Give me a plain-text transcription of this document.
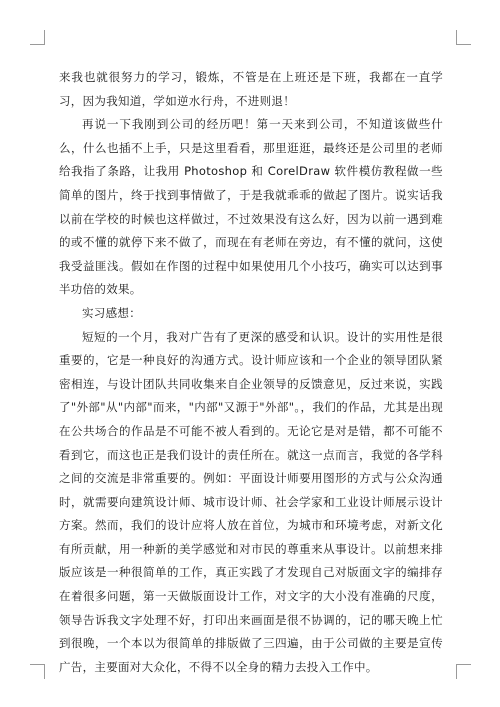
来我也就很努力的学习，锻炼，不管是在上班还是下班，我都在一直学习，因为我知道，学如逆水行舟，不进则退！

再说一下我刚到公司的经历吧！第一天来到公司，不知道该做些什么，什么也插不上手，只是这里看看，那里逛逛，最终还是公司里的老师给我指了条路，让我用 Photoshop 和 CorelDraw 软件模仿教程做一些简单的图片，终于找到事情做了，于是我就乖乖的做起了图片。说实话我以前在学校的时候也这样做过，不过效果没有这么好，因为以前一遇到难的或不懂的就停下来不做了，而现在有老师在旁边，有不懂的就问，这使我受益匪浅。假如在作图的过程中如果使用几个小技巧，确实可以达到事半功倍的效果。

实习感想：

短短的一个月，我对广告有了更深的感受和认识。设计的实用性是很重要的，它是一种良好的沟通方式。设计师应该和一个企业的领导团队紧密相连，与设计团队共同收集来自企业领导的反馈意见，反过来说，实践了"外部"从"内部"而来，"内部"又源于"外部"。，我们的作品，尤其是出现在公共场合的作品是不可能不被人看到的。无论它是对是错，都不可能不看到它，而这也正是我们设计的责任所在。就这一点而言，我觉的各学科之间的交流是非常重要的。例如：平面设计师要用图形的方式与公众沟通时，就需要向建筑设计师、城市设计师、社会学家和工业设计师展示设计方案。然而，我们的设计应将人放在首位，为城市和环境考虑，对新文化有所贡献，用一种新的美学感觉和对市民的尊重来从事设计。以前想来排版应该是一种很简单的工作，真正实践了才发现自己对版面文字的编排存在着很多问题，第一天做版面设计工作，对文字的大小没有准确的尺度，领导告诉我文字处理不好，打印出来画面是很不协调的，记的哪天晚上忙到很晚，一个本以为很简单的排版做了三四遍，由于公司做的主要是宣传广告，主要面对大众化，不得不以全身的精力去投入工作中。
